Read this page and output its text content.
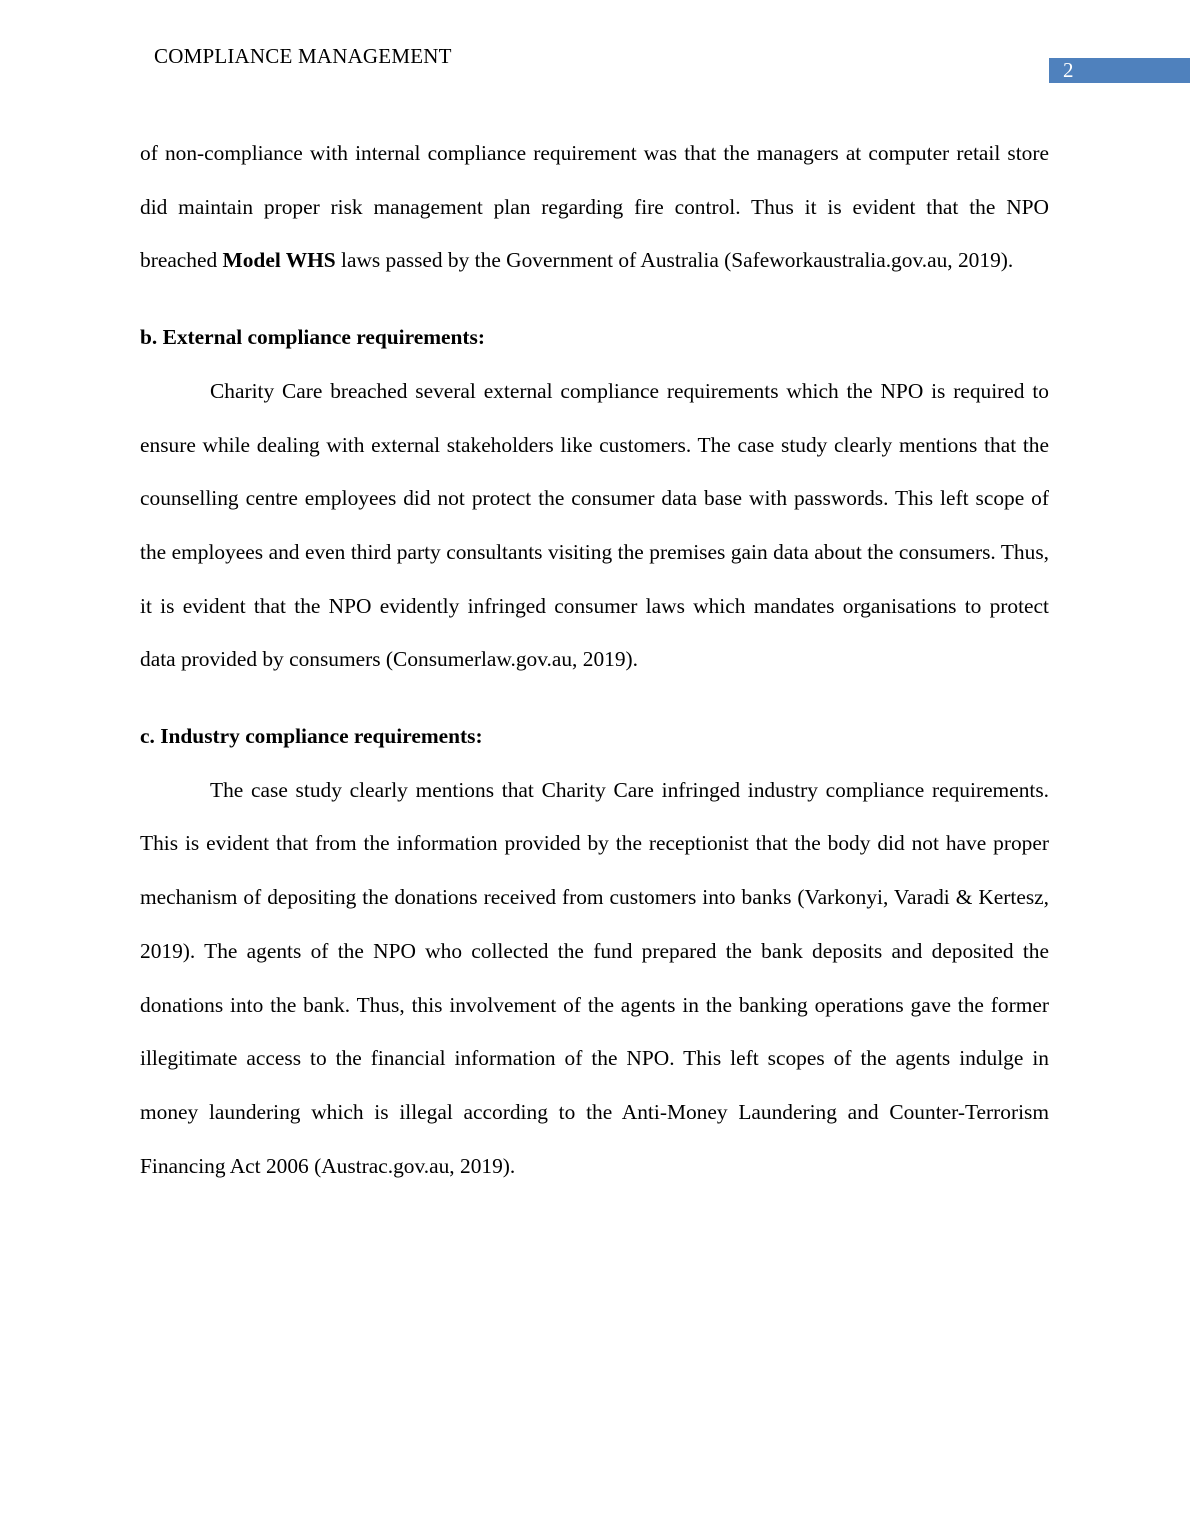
COMPLIANCE MANAGEMENT
2

of non-compliance with internal compliance requirement was that the managers at computer retail store did maintain proper risk management plan regarding fire control. Thus it is evident that the NPO breached Model WHS laws passed by the Government of Australia (Safeworkaustralia.gov.au, 2019).

b. External compliance requirements:

Charity Care breached several external compliance requirements which the NPO is required to ensure while dealing with external stakeholders like customers. The case study clearly mentions that the counselling centre employees did not protect the consumer data base with passwords. This left scope of the employees and even third party consultants visiting the premises gain data about the consumers. Thus, it is evident that the NPO evidently infringed consumer laws which mandates organisations to protect data provided by consumers (Consumerlaw.gov.au, 2019).

c. Industry compliance requirements:

The case study clearly mentions that Charity Care infringed industry compliance requirements. This is evident that from the information provided by the receptionist that the body did not have proper mechanism of depositing the donations received from customers into banks (Varkonyi, Varadi & Kertesz, 2019). The agents of the NPO who collected the fund prepared the bank deposits and deposited the donations into the bank. Thus, this involvement of the agents in the banking operations gave the former illegitimate access to the financial information of the NPO. This left scopes of the agents indulge in money laundering which is illegal according to the Anti-Money Laundering and Counter-Terrorism Financing Act 2006 (Austrac.gov.au, 2019).
